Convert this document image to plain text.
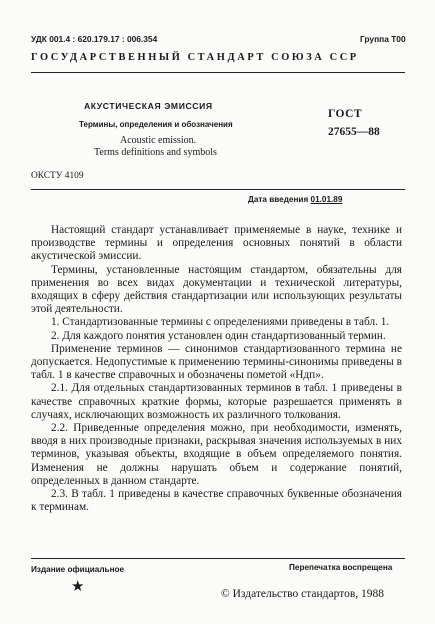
УДК 001.4 : 620.179.17 : 006.354	Группа Т00
ГОСУДАРСТВЕННЫЙ СТАНДАРТ СОЮЗА ССР
АКУСТИЧЕСКАЯ ЭМИССИЯ
Термины, определения и обозначения
Acoustic emission.
Terms definitions and symbols
ГОСТ
27655—88
ОКСТУ 4109
Дата введения 01.01.89

Настоящий стандарт устанавливает применяемые в науке, технике и производстве термины и определения основных понятий в области акустической эмиссии.

Термины, установленные настоящим стандартом, обязательны для применения во всех видах документации и технической литературы, входящих в сферу действия стандартизации или использующих результаты этой деятельности.

1. Стандартизованные термины с определениями приведены в табл. 1.

2. Для каждого понятия установлен один стандартизованный термин.

Применение терминов — синонимов стандартизованного термина не допускается. Недопустимые к применению термины-синонимы приведены в табл. 1 в качестве справочных и обозначены пометой «Ндп».

2.1. Для отдельных стандартизованных терминов в табл. 1 приведены в качестве справочных краткие формы, которые разрешается применять в случаях, исключающих возможность их различного толкования.

2.2. Приведенные определения можно, при необходимости, изменять, вводя в них производные признаки, раскрывая значения используемых в них терминов, указывая объекты, входящие в объем определяемого понятия. Изменения не должны нарушать объем и содержание понятий, определенных в данном стандарте.

2.3. В табл. 1 приведены в качестве справочных буквенные обозначения к терминам.

Издание официальное	Перепечатка воспрещена
★	© Издательство стандартов, 1988
